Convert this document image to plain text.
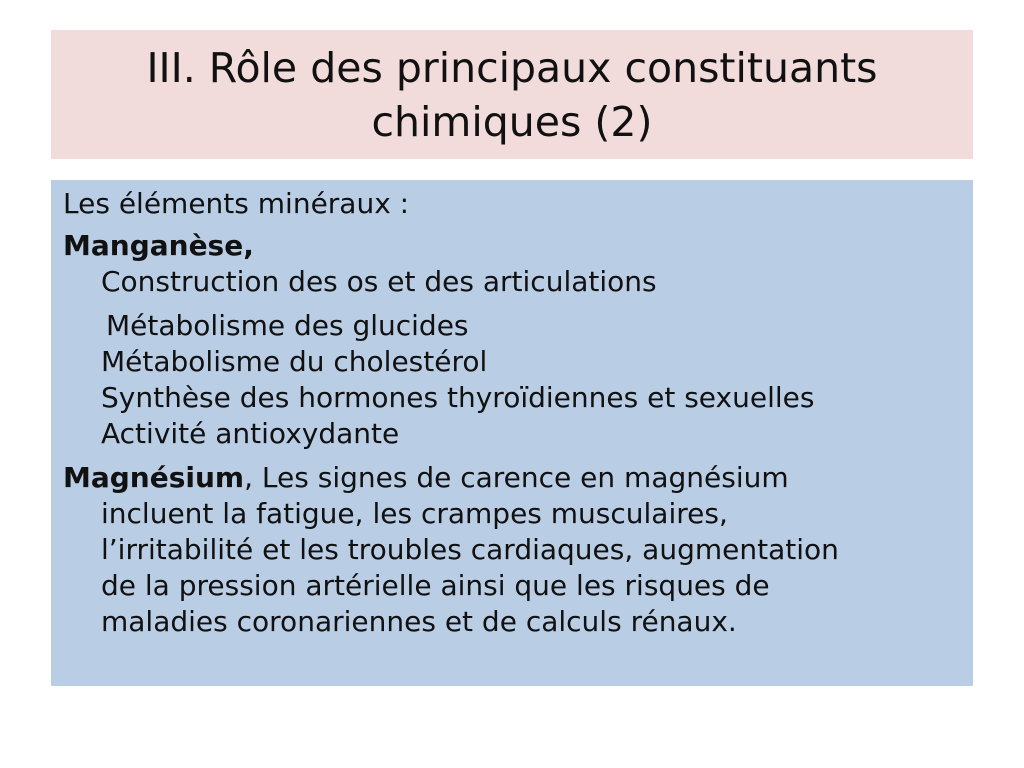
III. Rôle des principaux constituants
chimiques (2)
Les éléments minéraux :
Manganèse,
Construction des os et des articulations
Métabolisme des glucides
Métabolisme du cholestérol
Synthèse des hormones thyroïdiennes et sexuelles
Activité antioxydante
Magnésium, Les signes de carence en magnésium
incluent la fatigue, les crampes musculaires,
l’irritabilité et les troubles cardiaques, augmentation
de la pression artérielle ainsi que les risques de
maladies coronariennes et de calculs rénaux.
